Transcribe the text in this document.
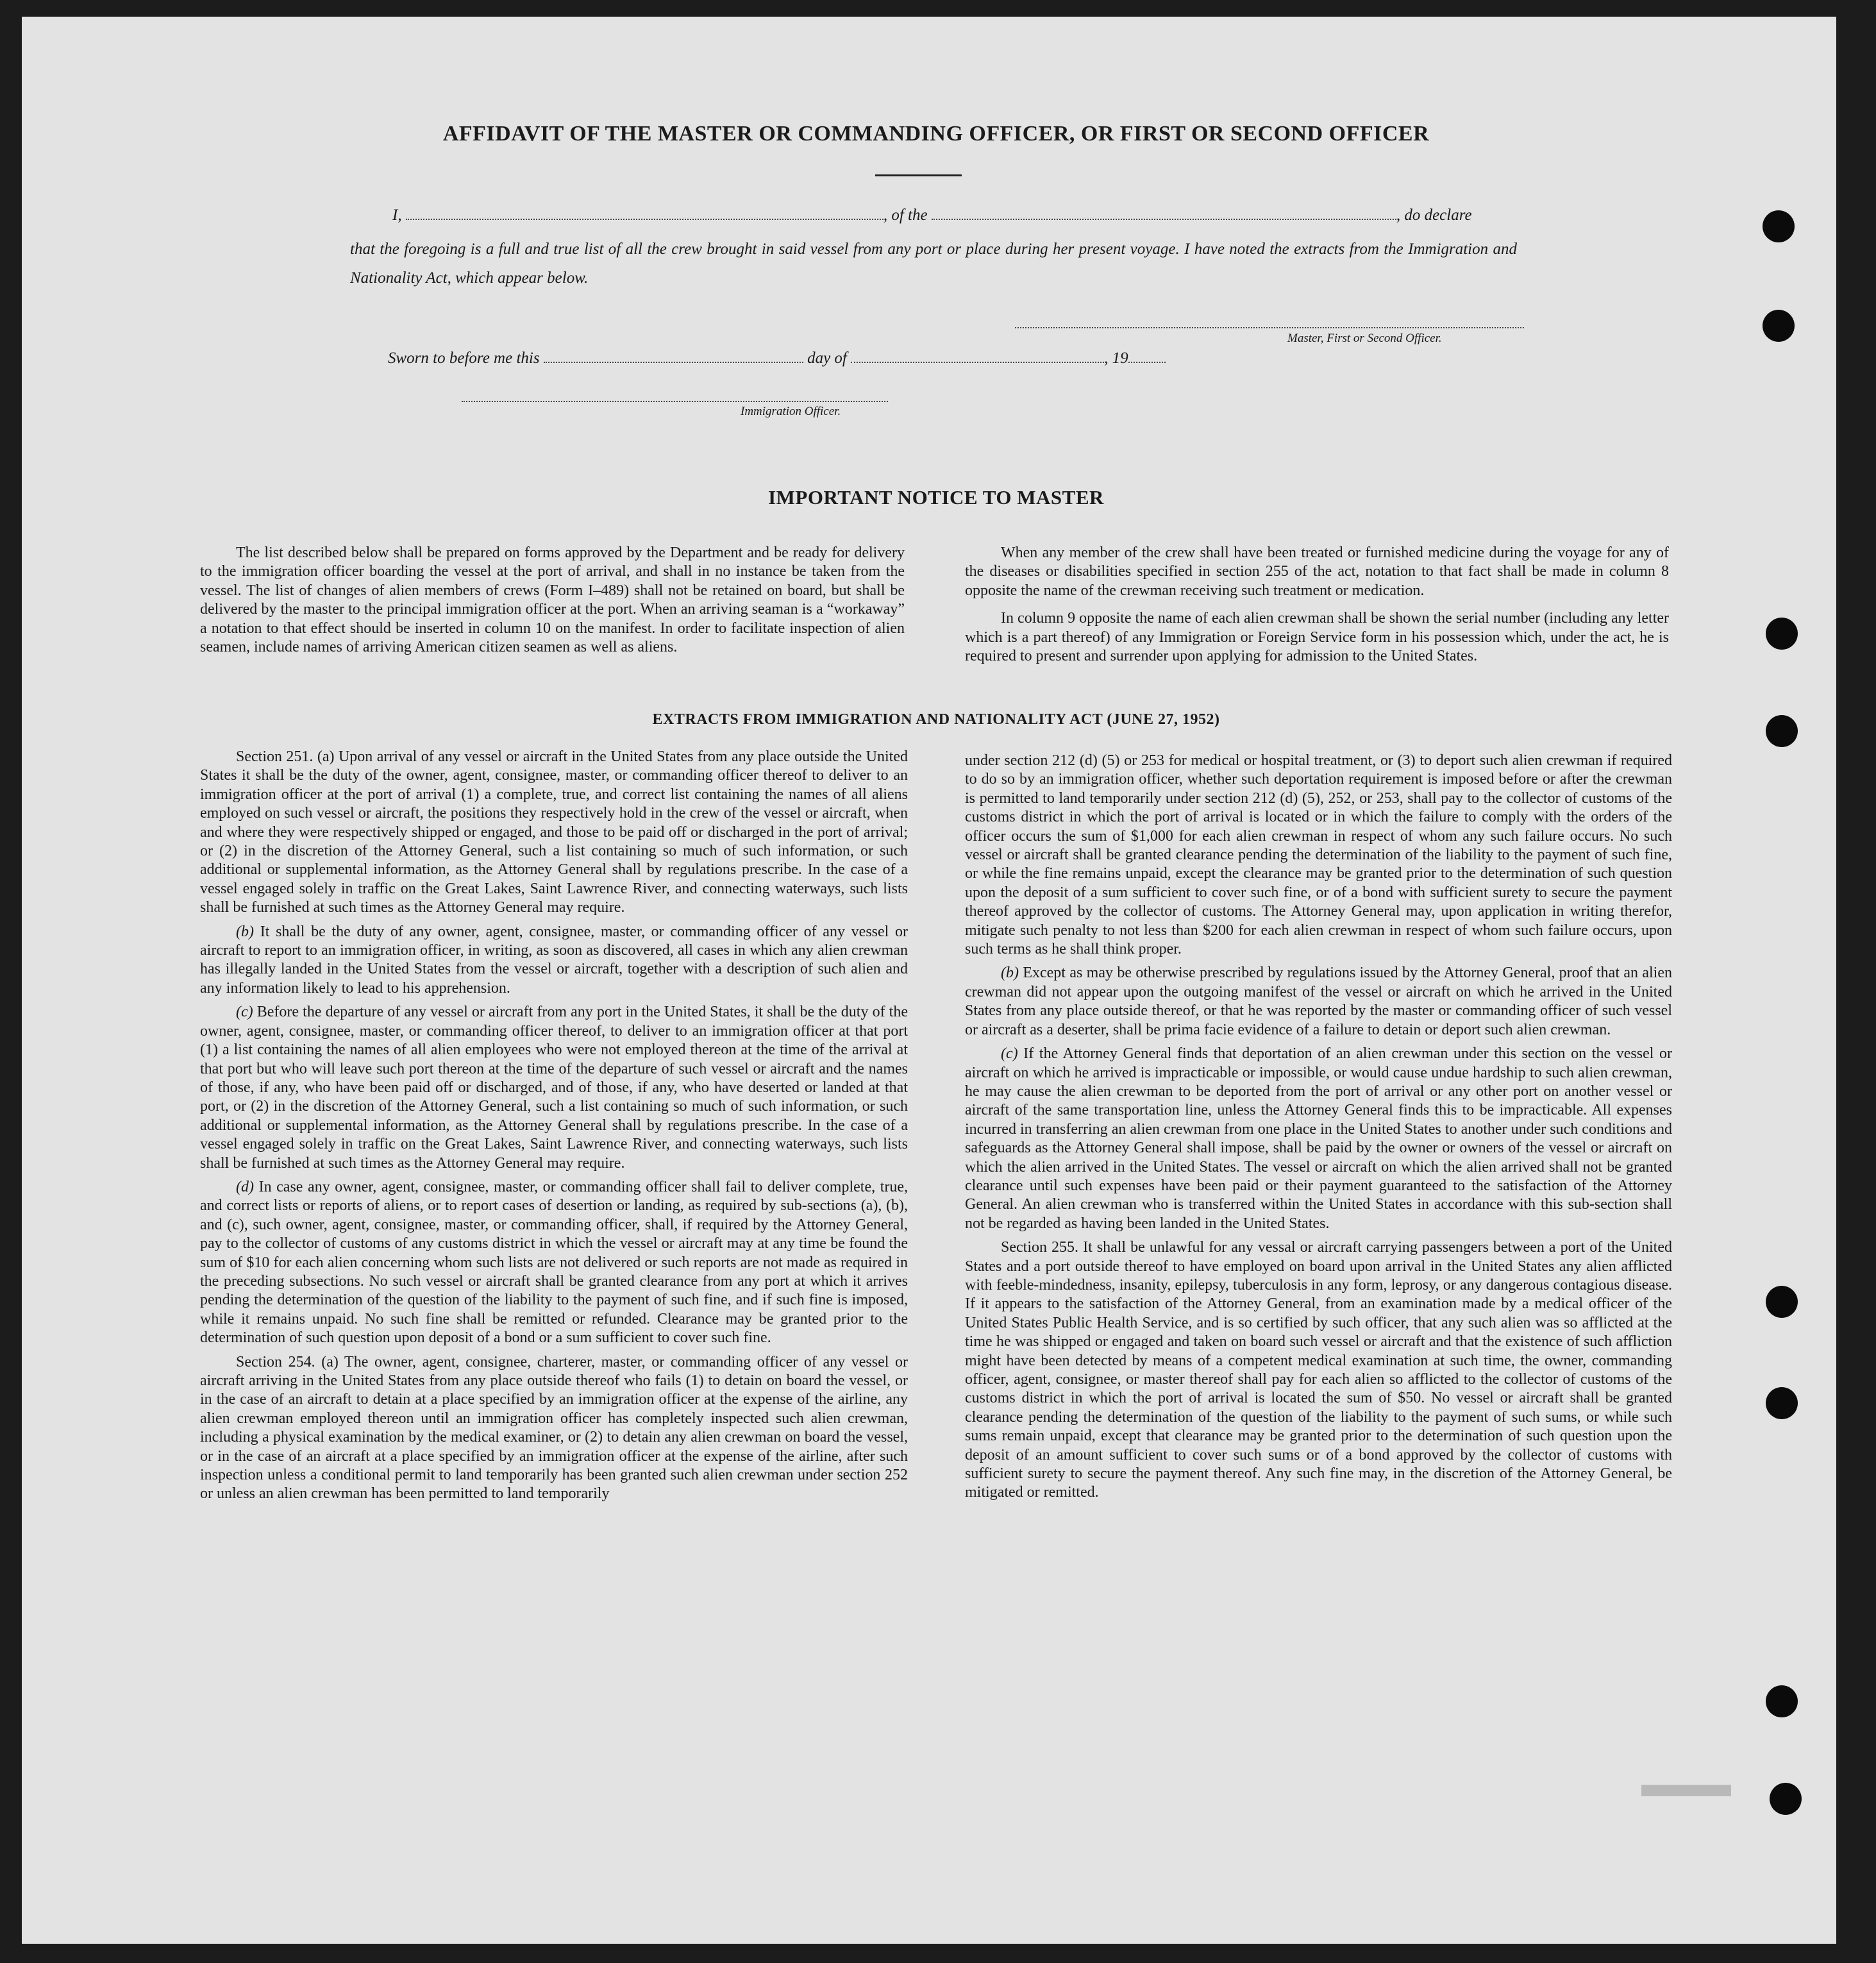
AFFIDAVIT OF THE MASTER OR COMMANDING OFFICER, OR FIRST OR SECOND OFFICER
I,	, of the	, do declare
that the foregoing is a full and true list of all the crew brought in said vessel from any port or place during her present voyage. I have noted the extracts from the Immigration and Nationality Act, which appear below.
Master, First or Second Officer.
Sworn to before me this	day of	, 19
Immigration Officer.
IMPORTANT NOTICE TO MASTER

The list described below shall be prepared on forms approved by the Department and be ready for delivery to the immigration officer boarding the vessel at the port of arrival, and shall in no instance be taken from the vessel. The list of changes of alien members of crews (Form I–489) shall not be retained on board, but shall be delivered by the master to the principal immigration officer at the port. When an arriving seaman is a “workaway” a notation to that effect should be inserted in column 10 on the manifest. In order to facilitate inspection of alien seamen, include names of arriving American citizen seamen as well as aliens.

When any member of the crew shall have been treated or furnished medicine during the voyage for any of the diseases or disabilities specified in section 255 of the act, notation to that fact shall be made in column 8 opposite the name of the crewman receiving such treatment or medication.

In column 9 opposite the name of each alien crewman shall be shown the serial number (including any letter which is a part thereof) of any Immigration or Foreign Service form in his possession which, under the act, he is required to present and surrender upon applying for admission to the United States.

EXTRACTS FROM IMMIGRATION AND NATIONALITY ACT (JUNE 27, 1952)

Section 251. (a) Upon arrival of any vessel or aircraft in the United States from any place outside the United States it shall be the duty of the owner, agent, consignee, master, or commanding officer thereof to deliver to an immigration officer at the port of arrival (1) a complete, true, and correct list containing the names of all aliens employed on such vessel or aircraft, the positions they respectively hold in the crew of the vessel or aircraft, when and where they were respectively shipped or engaged, and those to be paid off or discharged in the port of arrival; or (2) in the discretion of the Attorney General, such a list containing so much of such information, or such additional or supplemental information, as the Attorney General shall by regulations prescribe. In the case of a vessel engaged solely in traffic on the Great Lakes, Saint Lawrence River, and connecting waterways, such lists shall be furnished at such times as the Attorney General may require.

(b) It shall be the duty of any owner, agent, consignee, master, or commanding officer of any vessel or aircraft to report to an immigration officer, in writing, as soon as discovered, all cases in which any alien crewman has illegally landed in the United States from the vessel or aircraft, together with a description of such alien and any information likely to lead to his apprehension.

(c) Before the departure of any vessel or aircraft from any port in the United States, it shall be the duty of the owner, agent, consignee, master, or commanding officer thereof, to deliver to an immigration officer at that port (1) a list containing the names of all alien employees who were not employed thereon at the time of the arrival at that port but who will leave such port thereon at the time of the departure of such vessel or aircraft and the names of those, if any, who have been paid off or discharged, and of those, if any, who have deserted or landed at that port, or (2) in the discretion of the Attorney General, such a list containing so much of such information, or such additional or supplemental information, as the Attorney General shall by regulations prescribe. In the case of a vessel engaged solely in traffic on the Great Lakes, Saint Lawrence River, and connecting waterways, such lists shall be furnished at such times as the Attorney General may require.

(d) In case any owner, agent, consignee, master, or commanding officer shall fail to deliver complete, true, and correct lists or reports of aliens, or to report cases of desertion or landing, as required by sub-sections (a), (b), and (c), such owner, agent, consignee, master, or commanding officer, shall, if required by the Attorney General, pay to the collector of customs of any customs district in which the vessel or aircraft may at any time be found the sum of $10 for each alien concerning whom such lists are not delivered or such reports are not made as required in the preceding subsections. No such vessel or aircraft shall be granted clearance from any port at which it arrives pending the determination of the question of the liability to the payment of such fine, and if such fine is imposed, while it remains unpaid. No such fine shall be remitted or refunded. Clearance may be granted prior to the determination of such question upon deposit of a bond or a sum sufficient to cover such fine.

Section 254. (a) The owner, agent, consignee, charterer, master, or commanding officer of any vessel or aircraft arriving in the United States from any place outside thereof who fails (1) to detain on board the vessel, or in the case of an aircraft to detain at a place specified by an immigration officer at the expense of the airline, any alien crewman employed thereon until an immigration officer has completely inspected such alien crewman, including a physical examination by the medical examiner, or (2) to detain any alien crewman on board the vessel, or in the case of an aircraft at a place specified by an immigration officer at the expense of the airline, after such inspection unless a conditional permit to land temporarily has been granted such alien crewman under section 252 or unless an alien crewman has been permitted to land temporarily

under section 212 (d) (5) or 253 for medical or hospital treatment, or (3) to deport such alien crewman if required to do so by an immigration officer, whether such deportation requirement is imposed before or after the crewman is permitted to land temporarily under section 212 (d) (5), 252, or 253, shall pay to the collector of customs of the customs district in which the port of arrival is located or in which the failure to comply with the orders of the officer occurs the sum of $1,000 for each alien crewman in respect of whom any such failure occurs. No such vessel or aircraft shall be granted clearance pending the determination of the liability to the payment of such fine, or while the fine remains unpaid, except the clearance may be granted prior to the determination of such question upon the deposit of a sum sufficient to cover such fine, or of a bond with sufficient surety to secure the payment thereof approved by the collector of customs. The Attorney General may, upon application in writing therefor, mitigate such penalty to not less than $200 for each alien crewman in respect of whom such failure occurs, upon such terms as he shall think proper.

(b) Except as may be otherwise prescribed by regulations issued by the Attorney General, proof that an alien crewman did not appear upon the outgoing manifest of the vessel or aircraft on which he arrived in the United States from any place outside thereof, or that he was reported by the master or commanding officer of such vessel or aircraft as a deserter, shall be prima facie evidence of a failure to detain or deport such alien crewman.

(c) If the Attorney General finds that deportation of an alien crewman under this section on the vessel or aircraft on which he arrived is impracticable or impossible, or would cause undue hardship to such alien crewman, he may cause the alien crewman to be deported from the port of arrival or any other port on another vessel or aircraft of the same transportation line, unless the Attorney General finds this to be impracticable. All expenses incurred in transferring an alien crewman from one place in the United States to another under such conditions and safeguards as the Attorney General shall impose, shall be paid by the owner or owners of the vessel or aircraft on which the alien arrived in the United States. The vessel or aircraft on which the alien arrived shall not be granted clearance until such expenses have been paid or their payment guaranteed to the satisfaction of the Attorney General. An alien crewman who is transferred within the United States in accordance with this sub-section shall not be regarded as having been landed in the United States.

Section 255. It shall be unlawful for any vessal or aircraft carrying passengers between a port of the United States and a port outside thereof to have employed on board upon arrival in the United States any alien afflicted with feeble-mindedness, insanity, epilepsy, tuberculosis in any form, leprosy, or any dangerous contagious disease. If it appears to the satisfaction of the Attorney General, from an examination made by a medical officer of the United States Public Health Service, and is so certified by such officer, that any such alien was so afflicted at the time he was shipped or engaged and taken on board such vessel or aircraft and that the existence of such affliction might have been detected by means of a competent medical examination at such time, the owner, commanding officer, agent, consignee, or master thereof shall pay for each alien so afflicted to the collector of customs of the customs district in which the port of arrival is located the sum of $50. No vessel or aircraft shall be granted clearance pending the determination of the question of the liability to the payment of such sums, or while such sums remain unpaid, except that clearance may be granted prior to the determination of such question upon the deposit of an amount sufficient to cover such sums or of a bond approved by the collector of customs with sufficient surety to secure the payment thereof. Any such fine may, in the discretion of the Attorney General, be mitigated or remitted.
